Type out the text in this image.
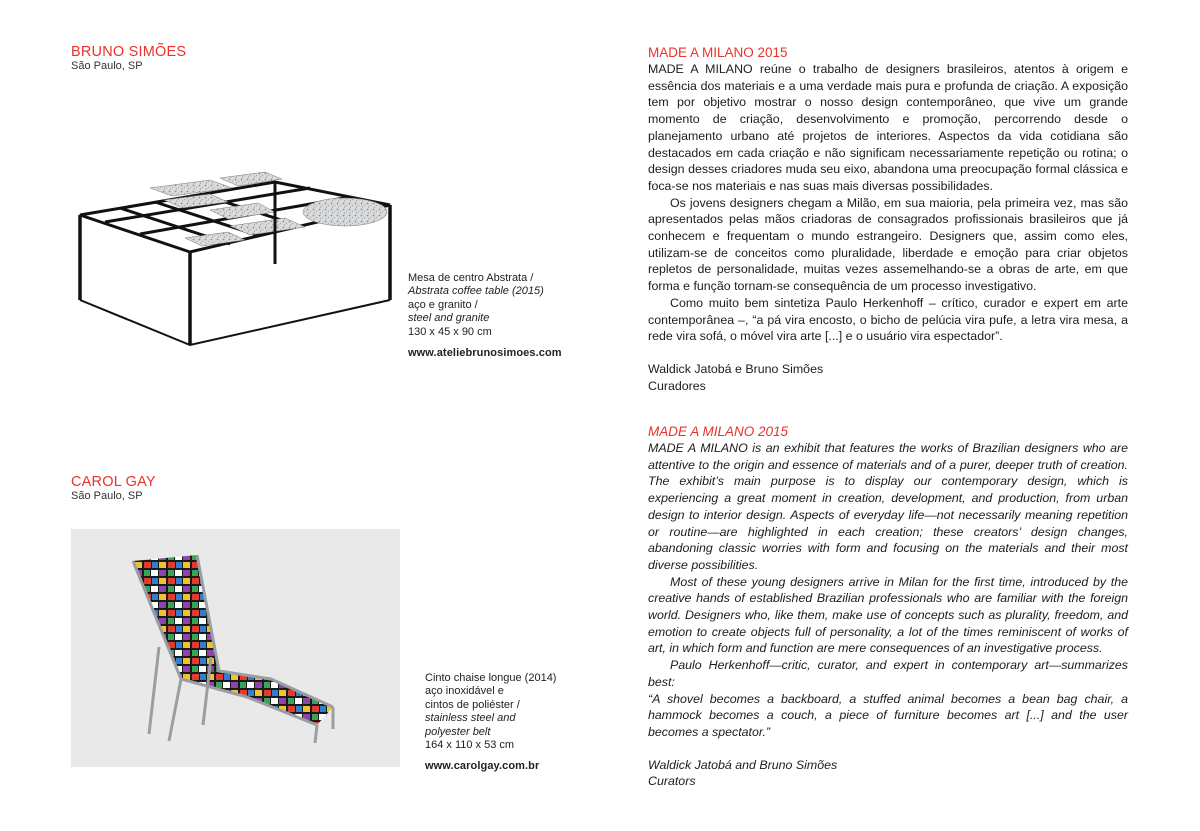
BRUNO SIMÕES
São Paulo, SP
Mesa de centro Abstrata /
Abstrata coffee table (2015)
aço e granito /
steel and granite
130 x 45 x 90 cm
www.ateliebrunosimoes.com
CAROL GAY
São Paulo, SP
Cinto chaise longue (2014)
aço inoxidável e
cintos de poliéster /
stainless steel and
polyester belt
164 x 110 x 53 cm
www.carolgay.com.br

MADE A MILANO 2015

MADE A MILANO reúne o trabalho de designers brasileiros, atentos à origem e essência dos materiais e a uma verdade mais pura e profunda de criação. A exposição tem por objetivo mostrar o nosso design contemporâneo, que vive um grande momento de criação, desenvolvimento e promoção, percorrendo desde o planejamento urbano até projetos de interiores. Aspectos da vida cotidiana são destacados em cada criação e não significam necessariamente repetição ou rotina; o design desses criadores muda seu eixo, abandona uma preocupação formal clássica e foca-se nos materiais e nas suas mais diversas possibilidades.

Os jovens designers chegam a Milão, em sua maioria, pela primeira vez, mas são apresentados pelas mãos criadoras de consagrados profissionais brasileiros que já conhecem e frequentam o mundo estrangeiro. Designers que, assim como eles, utilizam-se de conceitos como pluralidade, liberdade e emoção para criar objetos repletos de personalidade, muitas vezes assemelhando-se a obras de arte, em que forma e função tornam-se consequência de um processo investigativo.

Como muito bem sintetiza Paulo Herkenhoff – crítico, curador e expert em arte contemporânea –, “a pá vira encosto, o bicho de pelúcia vira pufe, a letra vira mesa, a rede vira sofá, o móvel vira arte [...] e o usuário vira espectador”.

Waldick Jatobá e Bruno Simões

Curadores

MADE A MILANO 2015

MADE A MILANO is an exhibit that features the works of Brazilian designers who are attentive to the origin and essence of materials and of a purer, deeper truth of creation. The exhibit’s main purpose is to display our contemporary design, which is experiencing a great moment in creation, development, and production, from urban design to interior design. Aspects of everyday life—not necessarily meaning repetition or routine—are highlighted in each creation; these creators’ design changes, abandoning classic worries with form and focusing on the materials and their most diverse possibilities.

Most of these young designers arrive in Milan for the first time, introduced by the creative hands of established Brazilian professionals who are familiar with the foreign world. Designers who, like them, make use of concepts such as plurality, freedom, and emotion to create objects full of personality, a lot of the times reminiscent of works of art, in which form and function are mere consequences of an investigative process.

Paulo Herkenhoff—critic, curator, and expert in contemporary art—summarizes best:

“A shovel becomes a backboard, a stuffed animal becomes a bean bag chair, a hammock becomes a couch, a piece of furniture becomes art [...] and the user becomes a spectator.”

Waldick Jatobá and Bruno Simões

Curators
